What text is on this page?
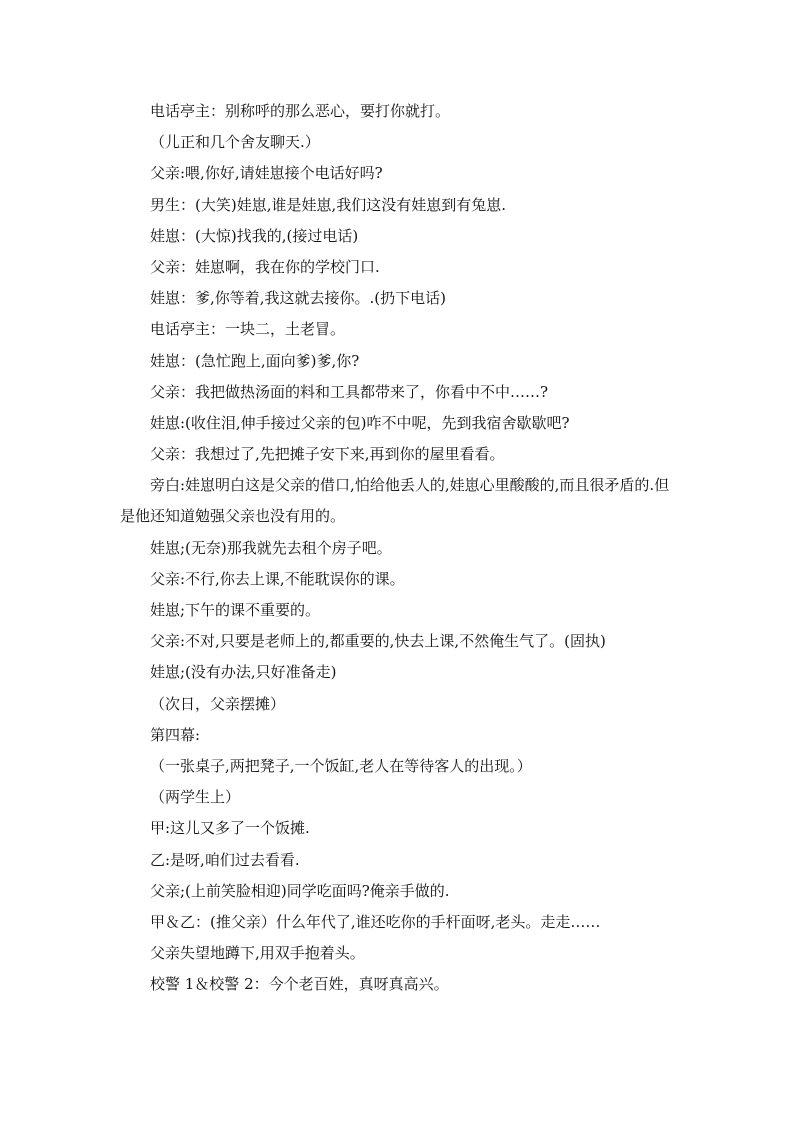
电话亭主：别称呼的那么恶心，要打你就打。
（儿正和几个舍友聊天.）
父亲:喂,你好,请娃崽接个电话好吗?
男生：(大笑)娃崽,谁是娃崽,我们这没有娃崽到有兔崽.
娃崽：(大惊)找我的,(接过电话)
父亲：娃崽啊，我在你的学校门口.
娃崽：爹,你等着,我这就去接你。.(扔下电话)
电话亭主：一块二，土老冒。
娃崽：(急忙跑上,面向爹)爹,你?
父亲：我把做热汤面的料和工具都带来了，你看中不中……?
娃崽:(收住泪,伸手接过父亲的包)咋不中呢，先到我宿舍歇歇吧?
父亲：我想过了,先把摊子安下来,再到你的屋里看看。

旁白:娃崽明白这是父亲的借口,怕给他丢人的,娃崽心里酸酸的,而且很矛盾的.但是他还知道勉强父亲也没有用的。

娃崽;(无奈)那我就先去租个房子吧。
父亲:不行,你去上课,不能耽误你的课。
娃崽;下午的课不重要的。
父亲:不对,只要是老师上的,都重要的,快去上课,不然俺生气了。(固执)
娃崽;(没有办法,只好准备走)
（次日，父亲摆摊）
第四幕:
（一张桌子,两把凳子,一个饭缸,老人在等待客人的出现。）
（两学生上）
甲:这儿又多了一个饭摊.
乙:是呀,咱们过去看看.
父亲;(上前笑脸相迎)同学吃面吗?俺亲手做的.
甲＆乙：(推父亲）什么年代了,谁还吃你的手杆面呀,老头。走走……
父亲失望地蹲下,用双手抱着头。
校警 1＆校警 2：今个老百姓，真呀真高兴。
